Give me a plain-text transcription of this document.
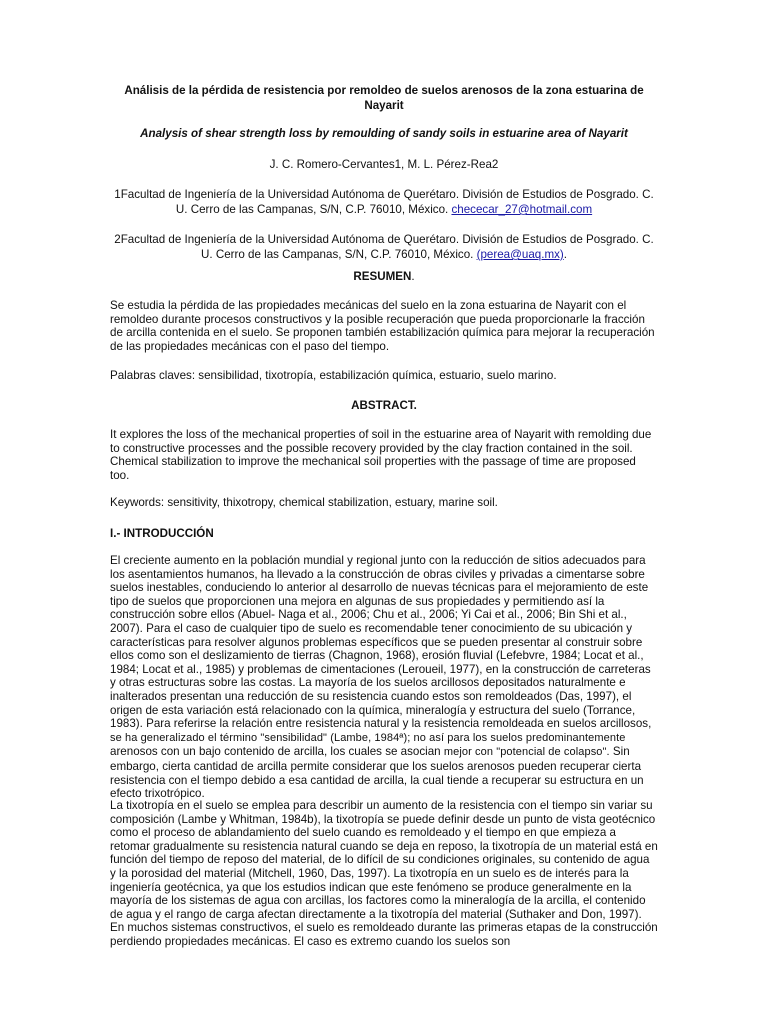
Análisis de la pérdida de resistencia por remoldeo de suelos arenosos de la zona estuarina de Nayarit
Analysis of shear strength loss by remoulding of sandy soils in estuarine area of Nayarit
J. C. Romero-Cervantes1, M. L. Pérez-Rea2
1Facultad de Ingeniería de la Universidad Autónoma de Querétaro. División de Estudios de Posgrado. C. U. Cerro de las Campanas, S/N, C.P. 76010, México. chececar_27@hotmail.com
2Facultad de Ingeniería de la Universidad Autónoma de Querétaro. División de Estudios de Posgrado. C. U. Cerro de las Campanas, S/N, C.P. 76010, México. (perea@uaq.mx).
RESUMEN.
Se estudia la pérdida de las propiedades mecánicas del suelo en la zona estuarina de Nayarit con el remoldeo durante procesos constructivos y la posible recuperación que pueda proporcionarle la fracción de arcilla contenida en el suelo. Se proponen también estabilización química para mejorar la recuperación de las propiedades mecánicas con el paso del tiempo.
Palabras claves: sensibilidad, tixotropía, estabilización química, estuario, suelo marino.
ABSTRACT.
It explores the loss of the mechanical properties of soil in the estuarine area of Nayarit with remolding due to constructive processes and the possible recovery provided by the clay fraction contained in the soil. Chemical stabilization to improve the mechanical soil properties with the passage of time are proposed too.
Keywords: sensitivity, thixotropy, chemical stabilization, estuary, marine soil.
I.- INTRODUCCIÓN
El creciente aumento en la población mundial y regional junto con la reducción de sitios adecuados para los asentamientos humanos, ha llevado a la construcción de obras civiles y privadas a cimentarse sobre suelos inestables, conduciendo lo anterior al desarrollo de nuevas técnicas para el mejoramiento de este tipo de suelos que proporcionen una mejora en algunas de sus propiedades y permitiendo así la construcción sobre ellos (Abuel- Naga et al., 2006; Chu et al., 2006; Yi Cai et al., 2006; Bin Shi et al., 2007). Para el caso de cualquier tipo de suelo es recomendable tener conocimiento de su ubicación y características para resolver algunos problemas específicos que se pueden presentar al construir sobre ellos como son el deslizamiento de tierras (Chagnon, 1968), erosión fluvial (Lefebvre, 1984; Locat et al., 1984; Locat et al., 1985) y problemas de cimentaciones (Leroueil, 1977), en la construcción de carreteras y otras estructuras sobre las costas. La mayoría de los suelos arcillosos depositados naturalmente e inalterados presentan una reducción de su resistencia cuando estos son remoldeados (Das, 1997), el origen de esta variación está relacionado con la química, mineralogía y estructura del suelo (Torrance, 1983). Para referirse la relación entre resistencia natural y la resistencia remoldeada en suelos arcillosos, se ha generalizado el término "sensibilidad" (Lambe, 1984ª); no así para los suelos predominantemente arenosos con un bajo contenido de arcilla, los cuales se asocian mejor con "potencial de colapso". Sin embargo, cierta cantidad de arcilla permite considerar que los suelos arenosos pueden recuperar cierta resistencia con el tiempo debido a esa cantidad de arcilla, la cual tiende a recuperar su estructura en un efecto trixotrópico.
La tixotropía en el suelo se emplea para describir un aumento de la resistencia con el tiempo sin variar su composición (Lambe y Whitman, 1984b), la tixotropía se puede definir desde un punto de vista geotécnico como el proceso de ablandamiento del suelo cuando es remoldeado y el tiempo en que empieza a retomar gradualmente su resistencia natural cuando se deja en reposo, la tixotropía de un material está en función del tiempo de reposo del material, de lo difícil de su condiciones originales, su contenido de agua y la porosidad del material (Mitchell, 1960, Das, 1997). La tixotropía en un suelo es de interés para la ingeniería geotécnica, ya que los estudios indican que este fenómeno se produce generalmente en la mayoría de los sistemas de agua con arcillas, los factores como la mineralogía de la arcilla, el contenido de agua y el rango de carga afectan directamente a la tixotropía del material (Suthaker and Don, 1997). En muchos sistemas constructivos, el suelo es remoldeado durante las primeras etapas de la construcción perdiendo propiedades mecánicas. El caso es extremo cuando los suelos son
